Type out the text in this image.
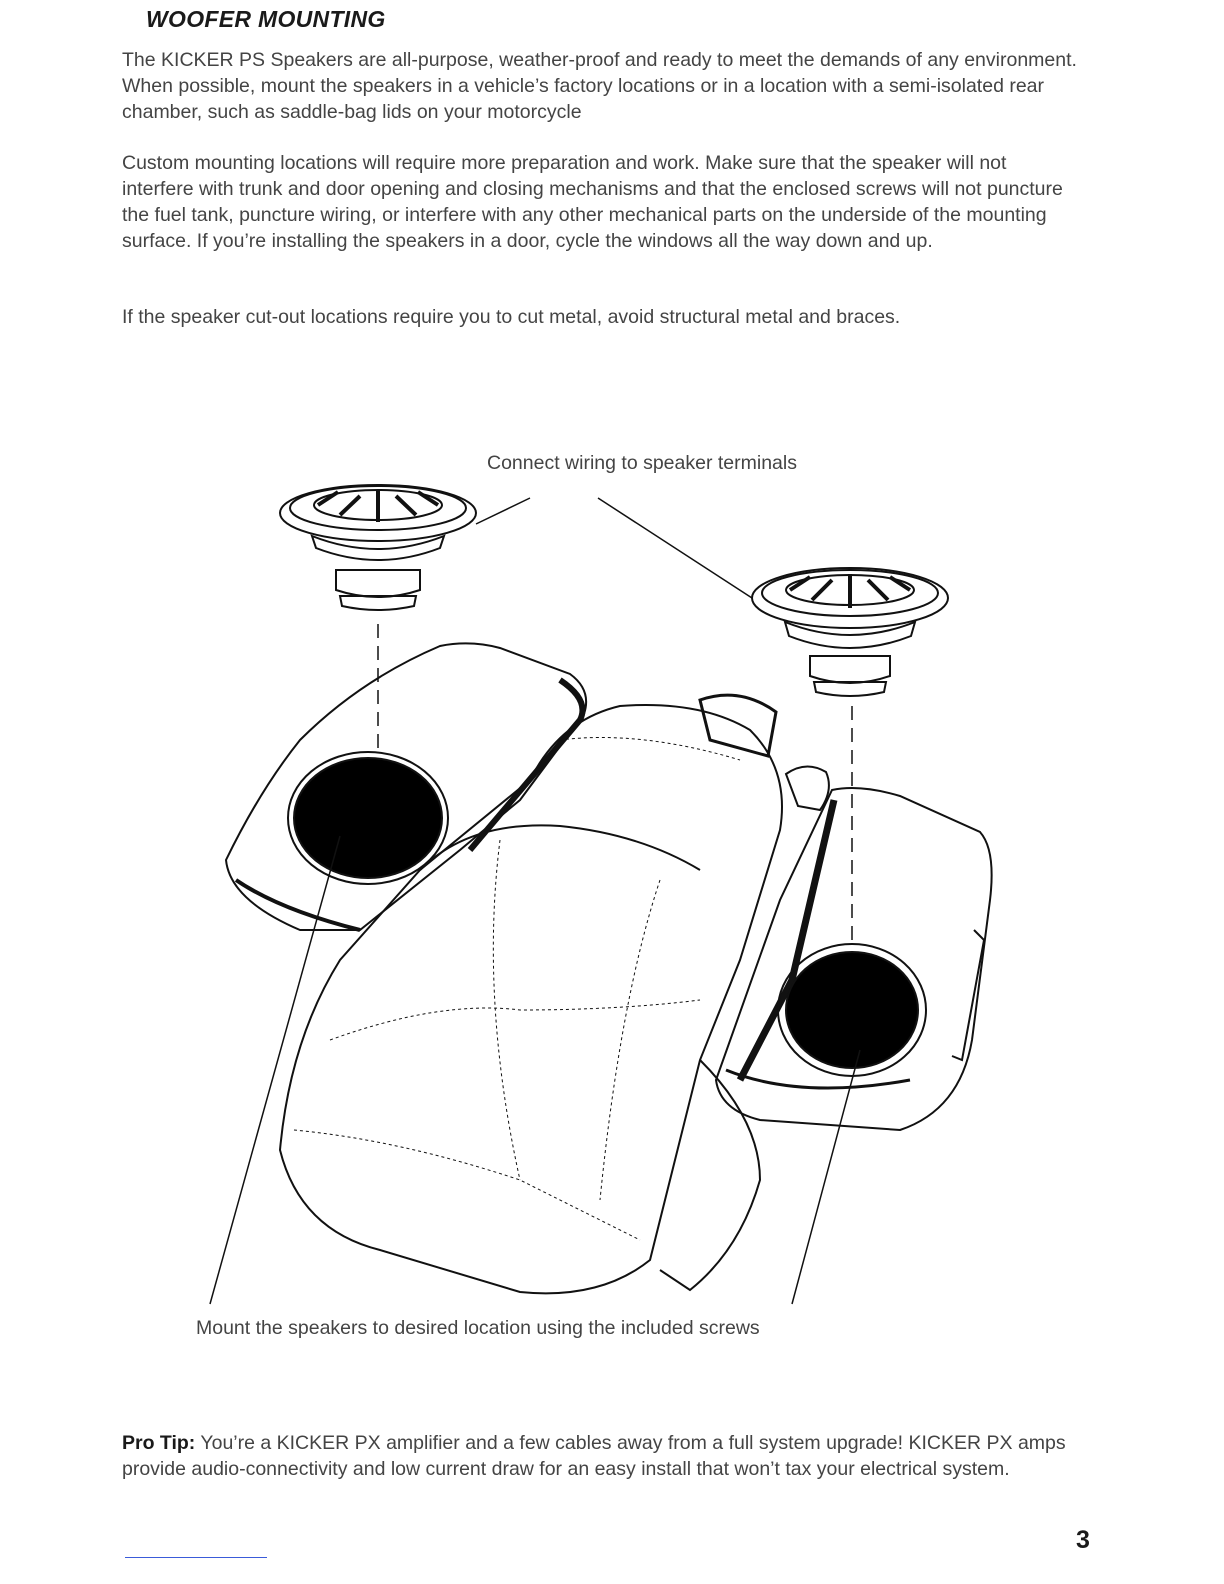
WOOFER MOUNTING

The KICKER PS Speakers are all-purpose, weather-proof and ready to meet the demands of any environment. When possible, mount the speakers in a vehicle’s factory locations or in a location with a semi-isolated rear chamber, such as saddle-bag lids on your motorcycle

Custom mounting locations will require more preparation and work. Make sure that the speaker will not interfere with trunk and door opening and closing mechanisms and that the enclosed screws will not puncture the fuel tank, puncture wiring, or interfere with any other mechanical parts on the underside of the mounting surface. If you’re installing the speakers in a door, cycle the windows all the way down and up.

If the speaker cut-out locations require you to cut metal, avoid structural metal and braces.

Connect wiring to speaker terminals

Mount the speakers to desired location using the included screws

Pro Tip: You’re a KICKER PX amplifier and a few cables away from a full system upgrade! KICKER PX amps provide audio-connectivity and low current draw for an easy install that won’t tax your electrical system.

3
